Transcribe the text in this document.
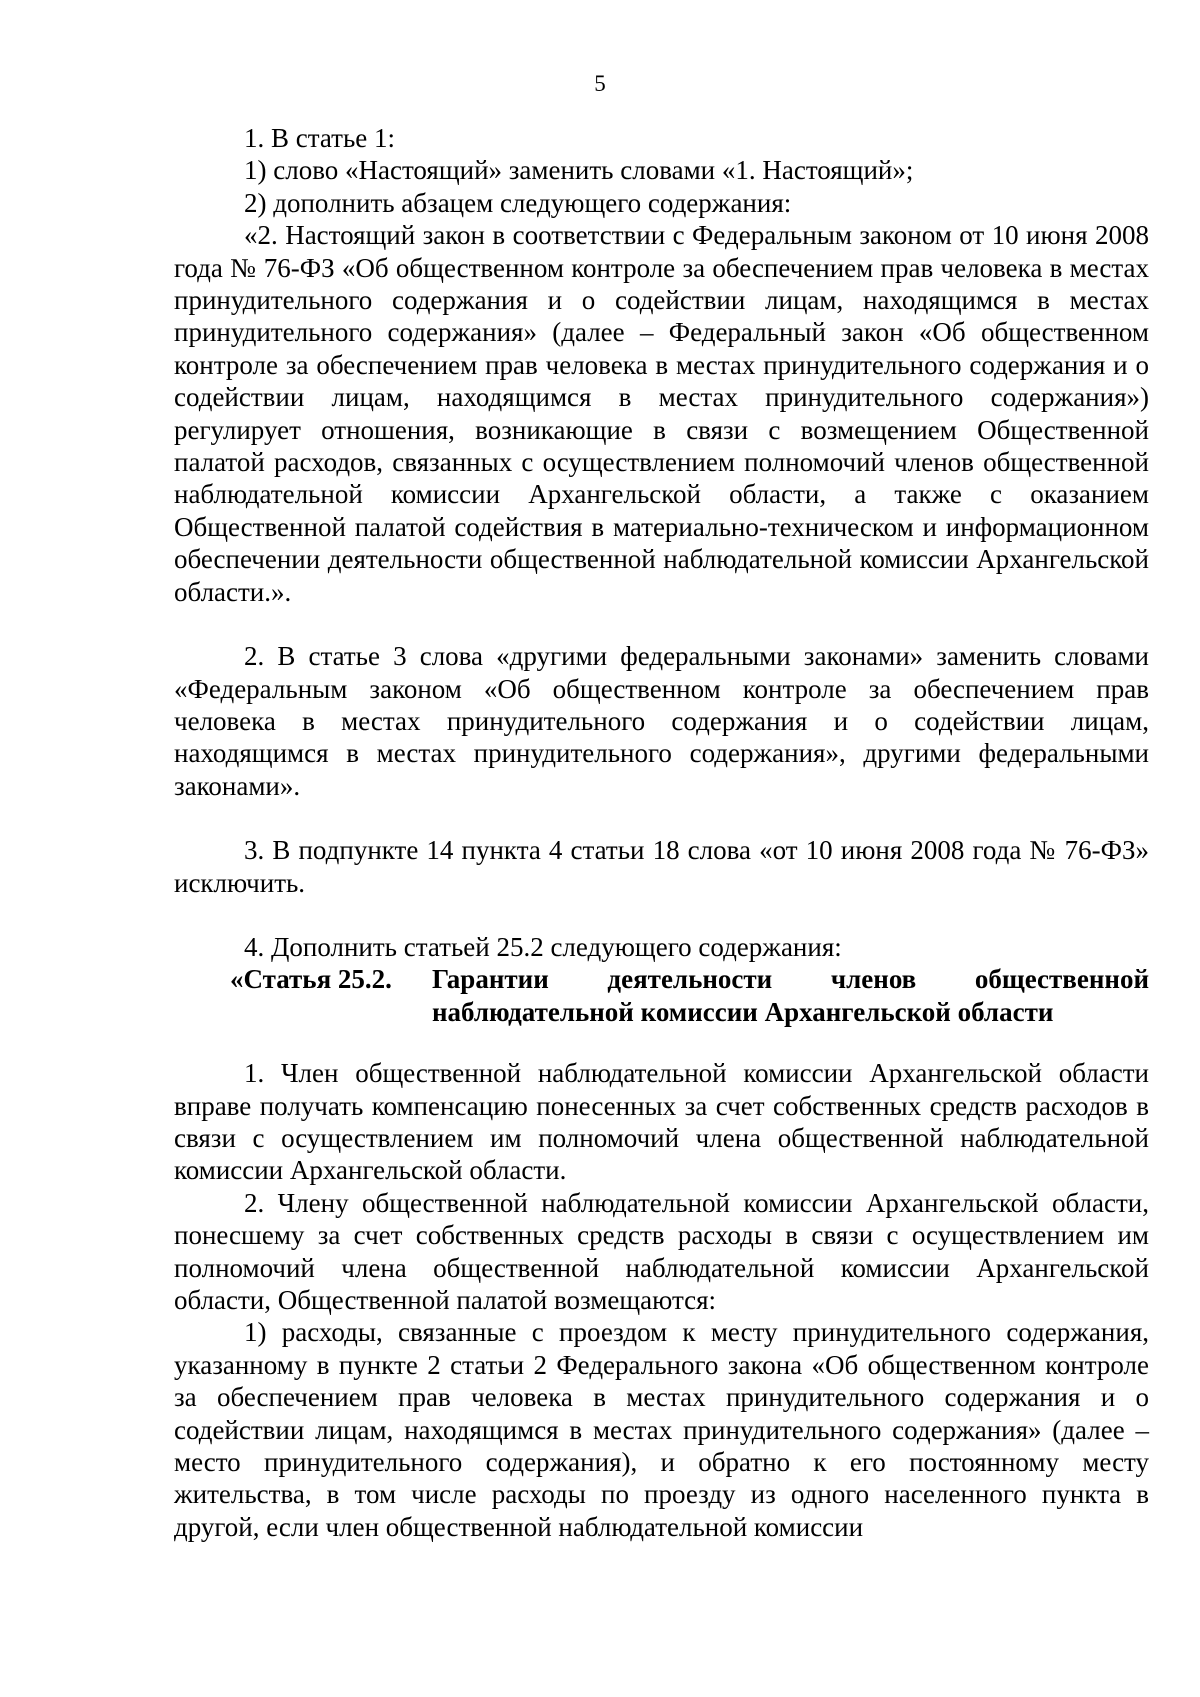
5

1. В статье 1:

1) слово «Настоящий» заменить словами «1. Настоящий»;

2) дополнить абзацем следующего содержания:

«2. Настоящий закон в соответствии с Федеральным законом от 10 июня 2008 года № 76-ФЗ «Об общественном контроле за обеспечением прав человека в местах принудительного содержания и о содействии лицам, находящимся в местах принудительного содержания» (далее – Федеральный закон «Об общественном контроле за обеспечением прав человека в местах принудительного содержания и о содействии лицам, находящимся в местах принудительного содержания») регулирует отношения, возникающие в связи с возмещением Общественной палатой расходов, связанных с осуществлением полномочий членов общественной наблюдательной комиссии Архангельской области, а также с оказанием Общественной палатой содействия в материально-техническом и информационном обеспечении деятельности общественной наблюдательной комиссии Архангельской области.».

2. В статье 3 слова «другими федеральными законами» заменить словами «Федеральным законом «Об общественном контроле за обеспечением прав человека в местах принудительного содержания и о содействии лицам, находящимся в местах принудительного содержания», другими федеральными законами».

3. В подпункте 14 пункта 4 статьи 18 слова «от 10 июня 2008 года № 76-ФЗ» исключить.

4. Дополнить статьей 25.2 следующего содержания:

«Статья 25.2.	Гарантии деятельности членов общественной
наблюдательной комиссии Архангельской области

1. Член общественной наблюдательной комиссии Архангельской области вправе получать компенсацию понесенных за счет собственных средств расходов в связи с осуществлением им полномочий члена общественной наблюдательной комиссии Архангельской области.

2. Члену общественной наблюдательной комиссии Архангельской области, понесшему за счет собственных средств расходы в связи с осуществлением им полномочий члена общественной наблюдательной комиссии Архангельской области, Общественной палатой возмещаются:

1) расходы, связанные с проездом к месту принудительного содержания, указанному в пункте 2 статьи 2 Федерального закона «Об общественном контроле за обеспечением прав человека в местах принудительного содержания и о содействии лицам, находящимся в местах принудительного содержания» (далее – место принудительного содержания), и обратно к его постоянному месту жительства, в том числе расходы по проезду из одного населенного пункта в другой, если член общественной наблюдательной комиссии
